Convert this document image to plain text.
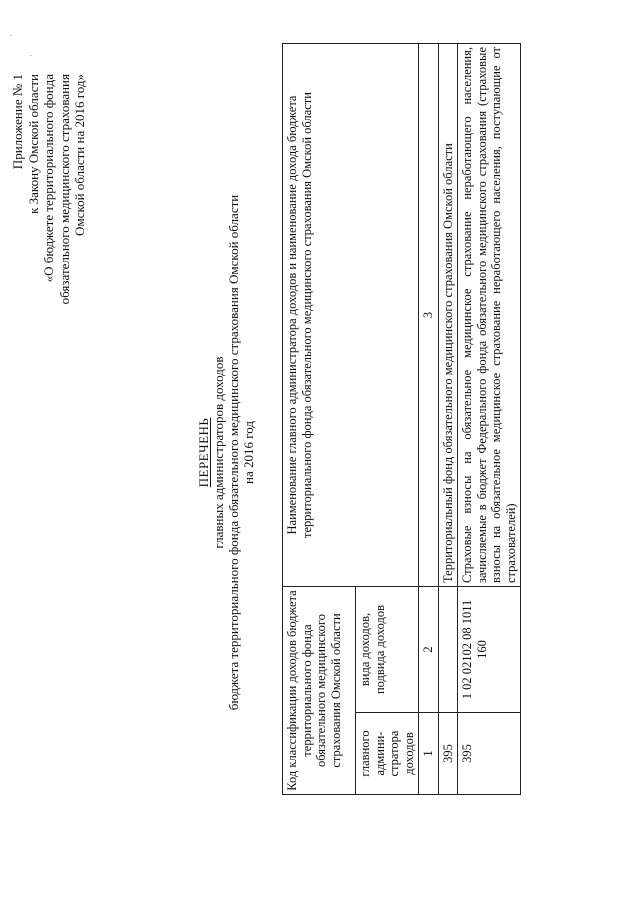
·
·
Приложение № 1 к Закону Омской области «О бюджете территориального фонда обязательного медицинского страхования Омской области на 2016 год»
ПЕРЕЧЕНЬ главных администраторов доходов бюджета территориального фонда обязательного медицинского страхования Омской области на 2016 год
Код классификации доходов бюджета территориального фонда обязательного медицинского страхования Омской области		Наименование главного администратора доходов и наименование дохода бюджета территориального фонда обязательного медицинского страхования Омской области
главного админи-стратора доходов	вида доходов, подвида доходов	
1	2	3
395		Территориальный фонд обязательного медицинского страхования Омской области
395	1 02 02102 08 1011 160	Страховые взносы на обязательное медицинское страхование неработающего населения, зачисляемые в бюджет Федерального фонда обязательного медицинского страхования (страховые взносы на обязательное медицинское страхование неработающего населения, поступающие от страхователей)
